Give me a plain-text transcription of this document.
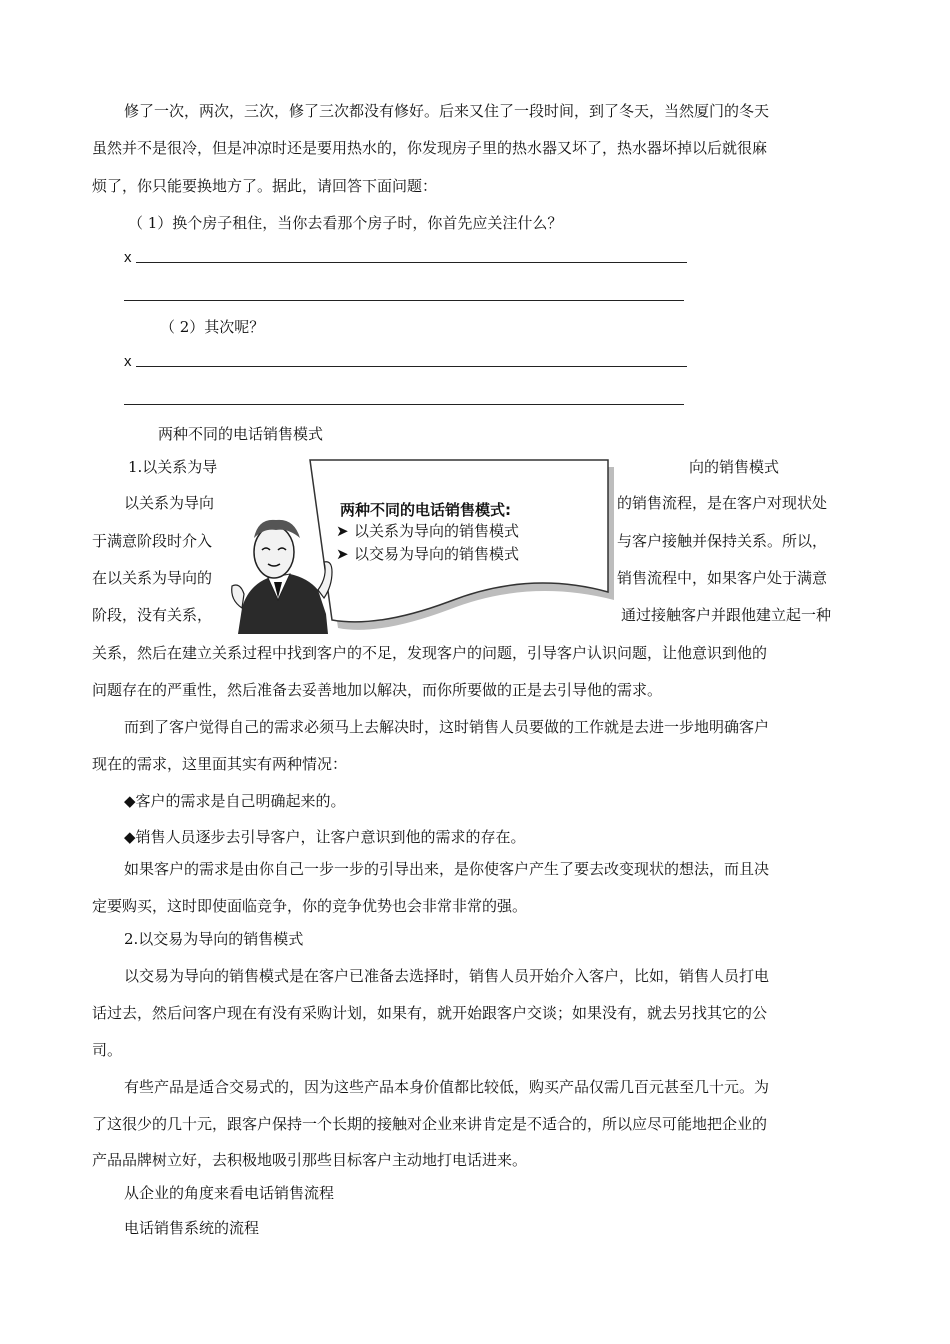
修了一次，两次，三次，修了三次都没有修好。后来又住了一段时间，到了冬天，当然厦门的冬天
虽然并不是很冷，但是冲凉时还是要用热水的，你发现房子里的热水器又坏了，热水器坏掉以后就很麻
烦了，你只能要换地方了。据此，请回答下面问题：
（ 1）换个房子租住，当你去看那个房子时，你首先应关注什么？
x
（ 2）其次呢？
x
两种不同的电话销售模式
1.以关系为导	向的销售模式
以关系为导向	的销售流程，是在客户对现状处
于满意阶段时介入	与客户接触并保持关系。所以，
在以关系为导向的	销售流程中，如果客户处于满意
阶段，没有关系，	通过接触客户并跟他建立起一种
两种不同的电话销售模式:
➤ 以关系为导向的销售模式
➤ 以交易为导向的销售模式
关系，然后在建立关系过程中找到客户的不足，发现客户的问题，引导客户认识问题，让他意识到他的
问题存在的严重性，然后准备去妥善地加以解决，而你所要做的正是去引导他的需求。
而到了客户觉得自己的需求必须马上去解决时，这时销售人员要做的工作就是去进一步地明确客户
现在的需求，这里面其实有两种情况：
◆客户的需求是自己明确起来的。
◆销售人员逐步去引导客户，让客户意识到他的需求的存在。
如果客户的需求是由你自己一步一步的引导出来，是你使客户产生了要去改变现状的想法，而且决
定要购买，这时即使面临竞争，你的竞争优势也会非常非常的强。
2.以交易为导向的销售模式
以交易为导向的销售模式是在客户已准备去选择时，销售人员开始介入客户，比如，销售人员打电
话过去，然后问客户现在有没有采购计划，如果有，就开始跟客户交谈；如果没有，就去另找其它的公
司。
有些产品是适合交易式的，因为这些产品本身价值都比较低，购买产品仅需几百元甚至几十元。为
了这很少的几十元，跟客户保持一个长期的接触对企业来讲肯定是不适合的，所以应尽可能地把企业的
产品品牌树立好，去积极地吸引那些目标客户主动地打电话进来。
从企业的角度来看电话销售流程
电话销售系统的流程
